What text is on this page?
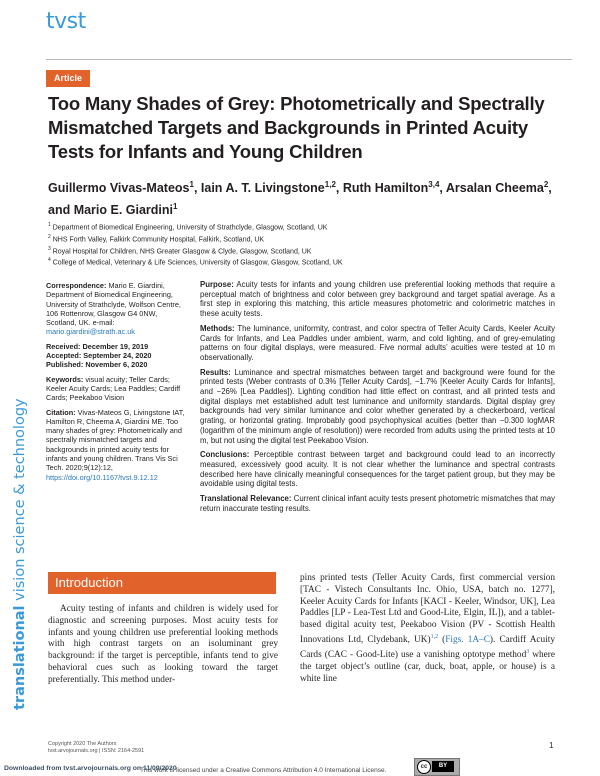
tvst
Article
Too Many Shades of Grey: Photometrically and Spectrally Mismatched Targets and Backgrounds in Printed Acuity Tests for Infants and Young Children
Guillermo Vivas-Mateos$^1$, Iain A. T. Livingstone$^{1,2}$, Ruth Hamilton$^{3,4}$, Arsalan Cheema$^2$, and Mario E. Giardini$^1$
$^1$ Department of Biomedical Engineering, University of Strathclyde, Glasgow, Scotland, UK
$^2$ NHS Forth Valley, Falkirk Community Hospital, Falkirk, Scotland, UK
$^3$ Royal Hospital for Children, NHS Greater Glasgow & Clyde, Glasgow, Scotland, UK
$^4$ College of Medical, Veterinary & Life Sciences, University of Glasgow, Glasgow, Scotland, UK

Correspondence: Mario E. Giardini, Department of Biomedical Engineering, University of Strathclyde, Wolfson Centre, 106 Rottenrow, Glasgow G4 0NW, Scotland, UK. e-mail: mario.giardini@strath.ac.uk

Received: December 19, 2019
Accepted: September 24, 2020
Published: November 6, 2020

Keywords: visual acuity; Teller Cards; Keeler Acuity Cards; Lea Paddles; Cardiff Cards; Peekaboo Vision

Citation: Vivas-Mateos G, Livingstone IAT, Hamilton R, Cheema A, Giardini ME. Too many shades of grey: Photometrically and spectrally mismatched targets and backgrounds in printed acuity tests for infants and young children. Trans Vis Sci Tech. 2020;9(12):12, https://doi.org/10.1167/tvst.9.12.12

Purpose: Acuity tests for infants and young children use preferential looking methods that require a perceptual match of brightness and color between grey background and target spatial average. As a first step in exploring this matching, this article measures photometric and colorimetric matches in these acuity tests.

Methods: The luminance, uniformity, contrast, and color spectra of Teller Acuity Cards, Keeler Acuity Cards for Infants, and Lea Paddles under ambient, warm, and cold lighting, and of grey-emulating patterns on four digital displays, were measured. Five normal adults’ acuities were tested at 10 m observationally.

Results: Luminance and spectral mismatches between target and background were found for the printed tests (Weber contrasts of 0.3% [Teller Acuity Cards], −1.7% [Keeler Acuity Cards for Infants], and −26% [Lea Paddles]). Lighting condition had little effect on contrast, and all printed tests and digital displays met established adult test luminance and uniformity standards. Digital display grey backgrounds had very similar luminance and color whether generated by a checkerboard, vertical grating, or horizontal grating. Improbably good psychophysical acuities (better than −0.300 logMAR (logarithm of the minimum angle of resolution)) were recorded from adults using the printed tests at 10 m, but not using the digital test Peekaboo Vision.

Conclusions: Perceptible contrast between target and background could lead to an incorrectly measured, excessively good acuity. It is not clear whether the luminance and spectral contrasts described here have clinically meaningful consequences for the target patient group, but they may be avoidable using digital tests.

Translational Relevance: Current clinical infant acuity tests present photometric mismatches that may return inaccurate testing results.

translational vision science & technology Introduction
Acuity testing of infants and children is widely used for diagnostic and screening purposes. Most acuity tests for infants and young children use preferential looking methods with high contrast targets on an isoluminant grey background: if the target is perceptible, infants tend to give behavioral cues such as looking toward the target preferentially. This method under-
pins printed tests (Teller Acuity Cards, first commercial version [TAC - Vistech Consultants Inc. Ohio, USA, batch no. 1277], Keeler Acuity Cards for Infants [KACI - Keeler, Windsor, UK], Lea Paddles [LP - Lea-Test Ltd and Good-Lite, Elgin, IL]), and a tablet-based digital acuity test, Peekaboo Vision (PV - Scottish Health Innovations Ltd, Clydebank, UK)$^{1,2}$ (Figs. 1A–C). Cardiff Acuity Cards (CAC - Good-Lite) use a vanishing optotype method$^3$ where the target object’s outline (car, duck, boat, apple, or house) is a white line
Copyright 2020 The Authors
tvst.arvojournals.org | ISSN: 2164-2591
1
This work is licensed under a Creative Commons Attribution 4.0 International License.	cc	BY
Downloaded from tvst.arvojournals.org on 11/09/2020
